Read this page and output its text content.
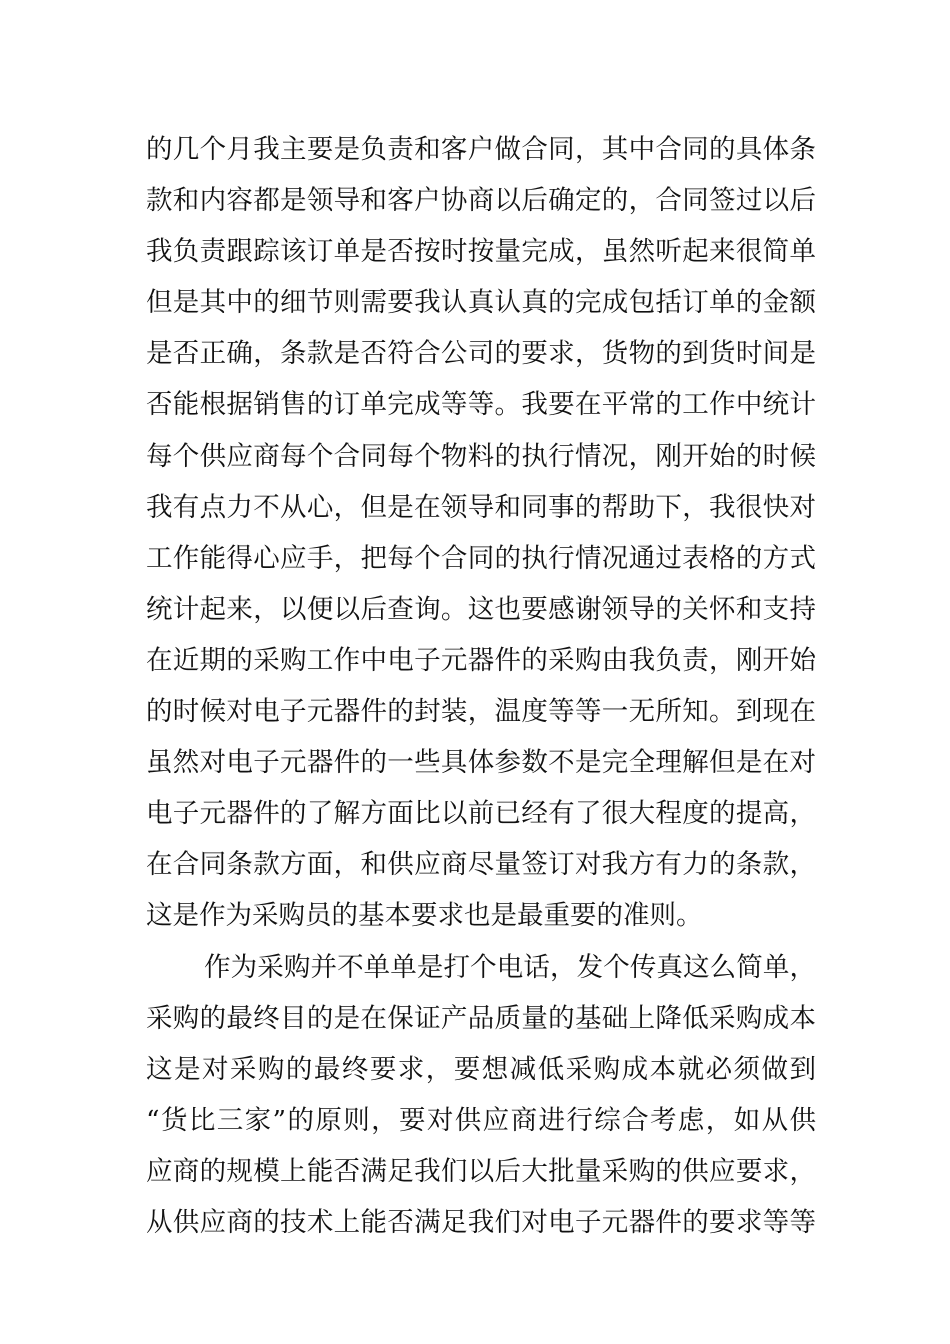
的几个月我主要是负责和客户做合同，其中合同的具体条
款和内容都是领导和客户协商以后确定的，合同签过以后
我负责跟踪该订单是否按时按量完成，虽然听起来很简单
但是其中的细节则需要我认真认真的完成包括订单的金额
是否正确，条款是否符合公司的要求，货物的到货时间是
否能根据销售的订单完成等等。我要在平常的工作中统计
每个供应商每个合同每个物料的执行情况，刚开始的时候
我有点力不从心，但是在领导和同事的帮助下，我很快对
工作能得心应手，把每个合同的执行情况通过表格的方式
统计起来，以便以后查询。这也要感谢领导的关怀和支持
在近期的采购工作中电子元器件的采购由我负责，刚开始
的时候对电子元器件的封装，温度等等一无所知。到现在
虽然对电子元器件的一些具体参数不是完全理解但是在对
电子元器件的了解方面比以前已经有了很大程度的提高，
在合同条款方面，和供应商尽量签订对我方有力的条款，
这是作为采购员的基本要求也是最重要的准则。
作为采购并不单单是打个电话，发个传真这么简单，
采购的最终目的是在保证产品质量的基础上降低采购成本
这是对采购的最终要求，要想减低采购成本就必须做到
“货比三家”的原则，要对供应商进行综合考虑，如从供
应商的规模上能否满足我们以后大批量采购的供应要求，
从供应商的技术上能否满足我们对电子元器件的要求等等
